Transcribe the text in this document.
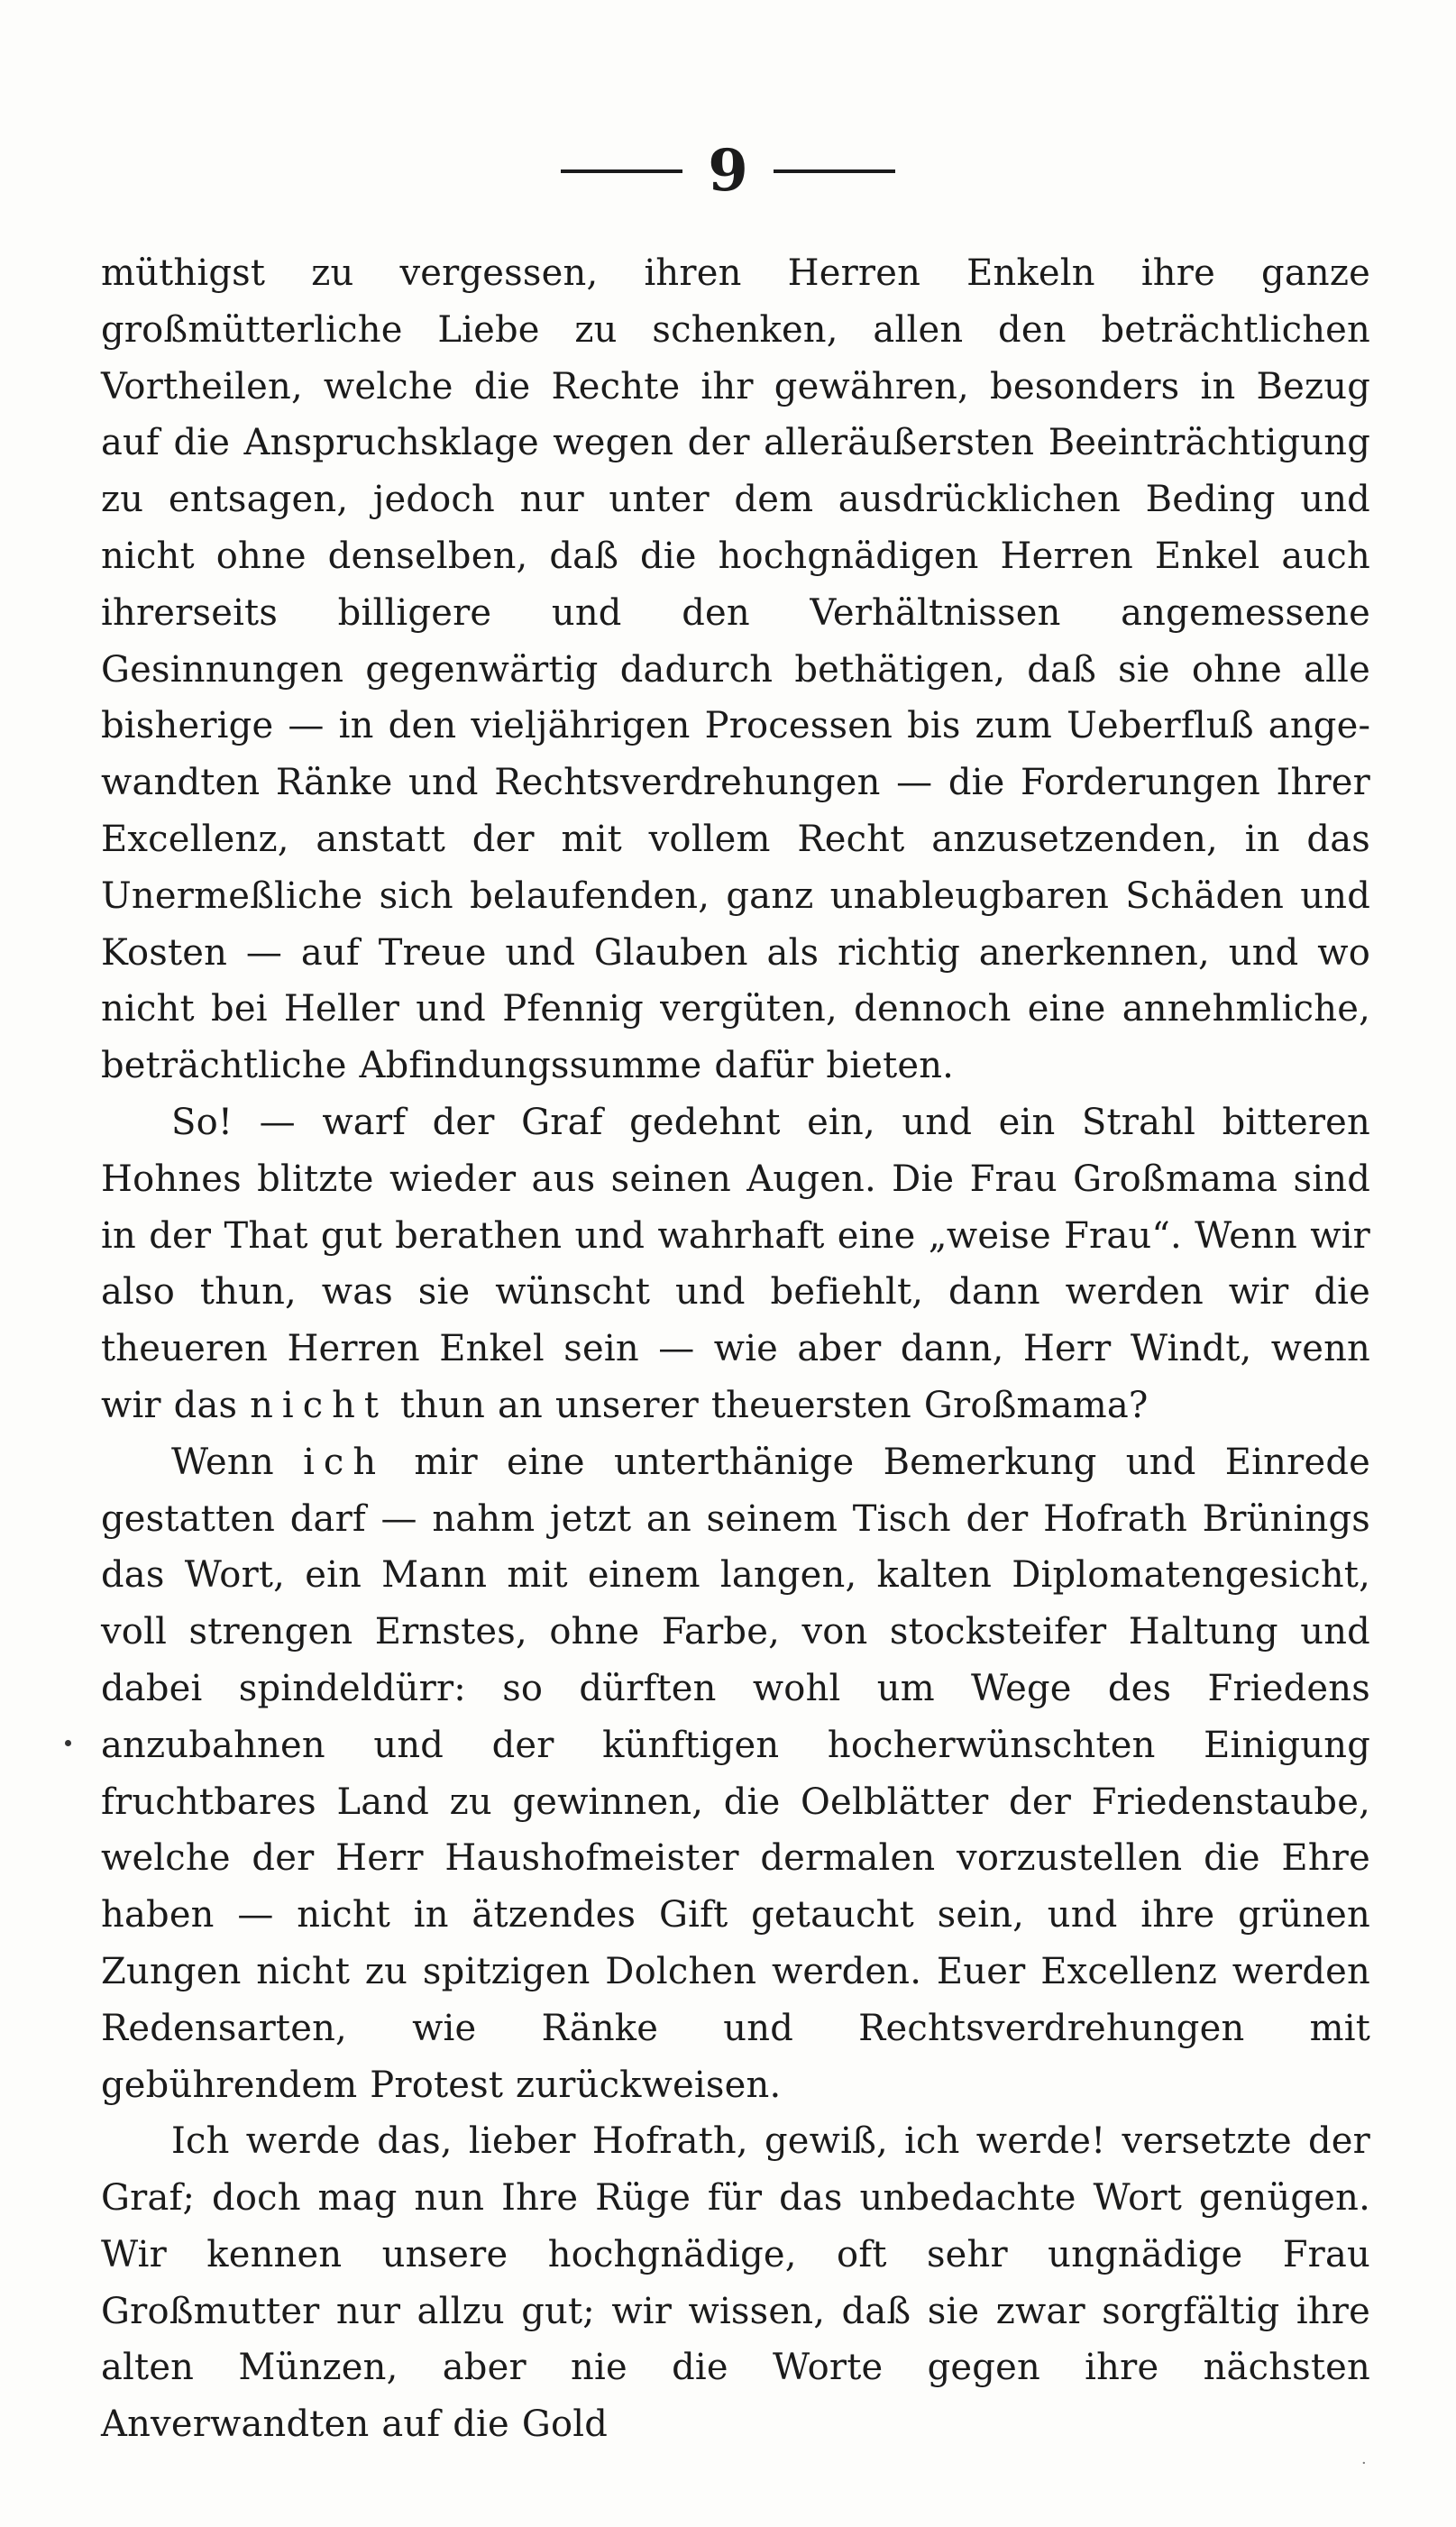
9

müthigst zu vergessen, ihren Herren Enkeln ihre ganze großmütterliche Liebe zu schenken, allen den beträchtlichen Vortheilen, welche die Rechte ihr gewähren, besonders in Bezug auf die Anspruchsklage wegen der alleräußersten Beeinträchtigung zu entsagen, jedoch nur unter dem ausdrücklichen Beding und nicht ohne denselben, daß die hochgnädigen Herren Enkel auch ihrerseits billigere und den Verhältnissen angemessene Gesinnungen gegenwärtig dadurch bethätigen, daß sie ohne alle bisherige — in den vieljährigen Processen bis zum Ueberfluß angewandten Ränke und Rechtsverdrehungen — die Forderungen Ihrer Excellenz, anstatt der mit vollem Recht anzusetzenden, in das Unermeßliche sich belaufenden, ganz unableugbaren Schäden und Kosten — auf Treue und Glauben als richtig anerkennen, und wo nicht bei Heller und Pfennig vergüten, dennoch eine annehmliche, beträchtliche Abfindungssumme dafür bieten.

So! — warf der Graf gedehnt ein, und ein Strahl bitteren Hohnes blitzte wieder aus seinen Augen. Die Frau Großmama sind in der That gut berathen und wahrhaft eine „weise Frau“. Wenn wir also thun, was sie wünscht und befiehlt, dann werden wir die theueren Herren Enkel sein — wie aber dann, Herr Windt, wenn wir das nicht thun an unserer theuersten Großmama?

Wenn ich mir eine unterthänige Bemerkung und Einrede gestatten darf — nahm jetzt an seinem Tisch der Hofrath Brünings das Wort, ein Mann mit einem langen, kalten Diplomatengesicht, voll strengen Ernstes, ohne Farbe, von stocksteifer Haltung und dabei spindeldürr: so dürften wohl um Wege des Friedens anzubahnen und der künftigen hocherwünschten Einigung fruchtbares Land zu gewinnen, die Oelblätter der Friedenstaube, welche der Herr Haushofmeister dermalen vorzustellen die Ehre haben — nicht in ätzendes Gift getaucht sein, und ihre grünen Zungen nicht zu spitzigen Dolchen werden. Euer Excellenz werden Redensarten, wie Ränke und Rechtsverdrehungen mit gebührendem Protest zurückweisen.

Ich werde das, lieber Hofrath, gewiß, ich werde! versetzte der Graf; doch mag nun Ihre Rüge für das unbedachte Wort genügen. Wir kennen unsere hochgnädige, oft sehr ungnädige Frau Großmutter nur allzu gut; wir wissen, daß sie zwar sorgfältig ihre alten Münzen, aber nie die Worte gegen ihre nächsten Anverwandten auf die Gold

·
